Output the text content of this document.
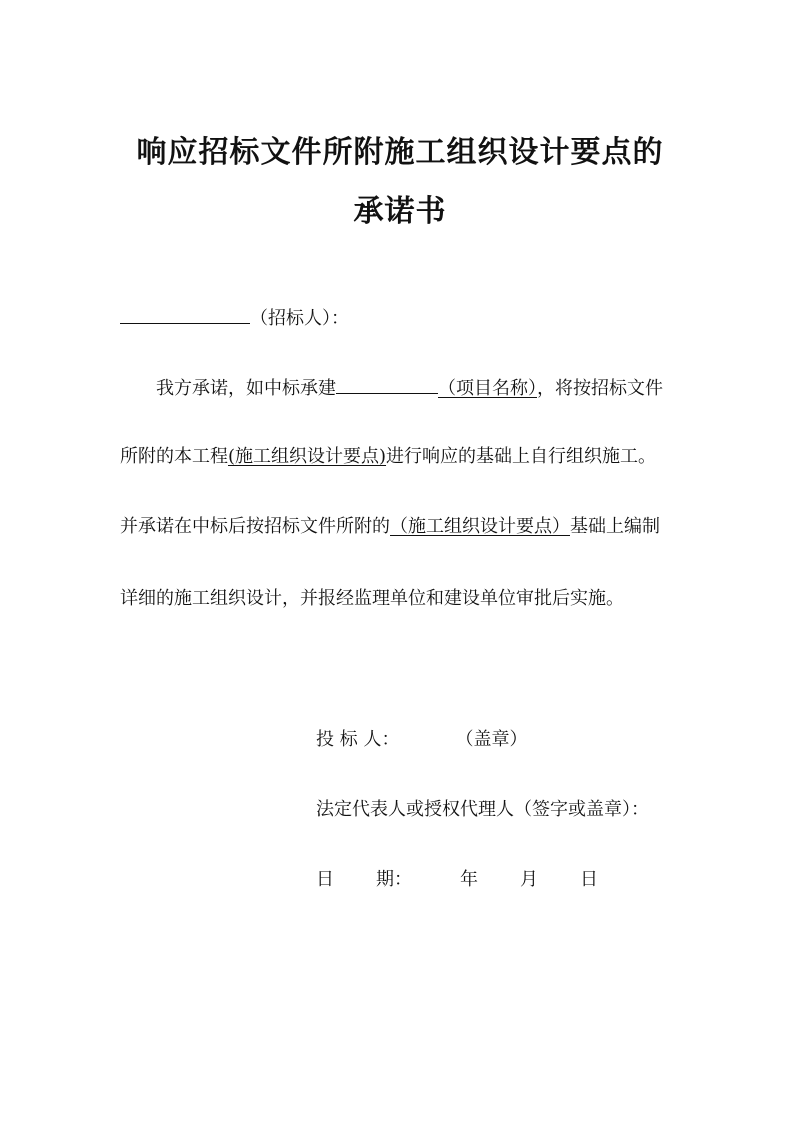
响应招标文件所附施工组织设计要点的
承诺书
（招标人）：
我方承诺，如中标承建	（项目名称），将按招标文件
所附的本工程(施工组织设计要点)进行响应的基础上自行组织施工。
并承诺在中标后按招标文件所附的（施工组织设计要点）基础上编制
详细的施工组织设计，并报经监理单位和建设单位审批后实施。
投 标 人：	（盖章）
法定代表人或授权代理人（签字或盖章）：
日 期：	年 月 日
